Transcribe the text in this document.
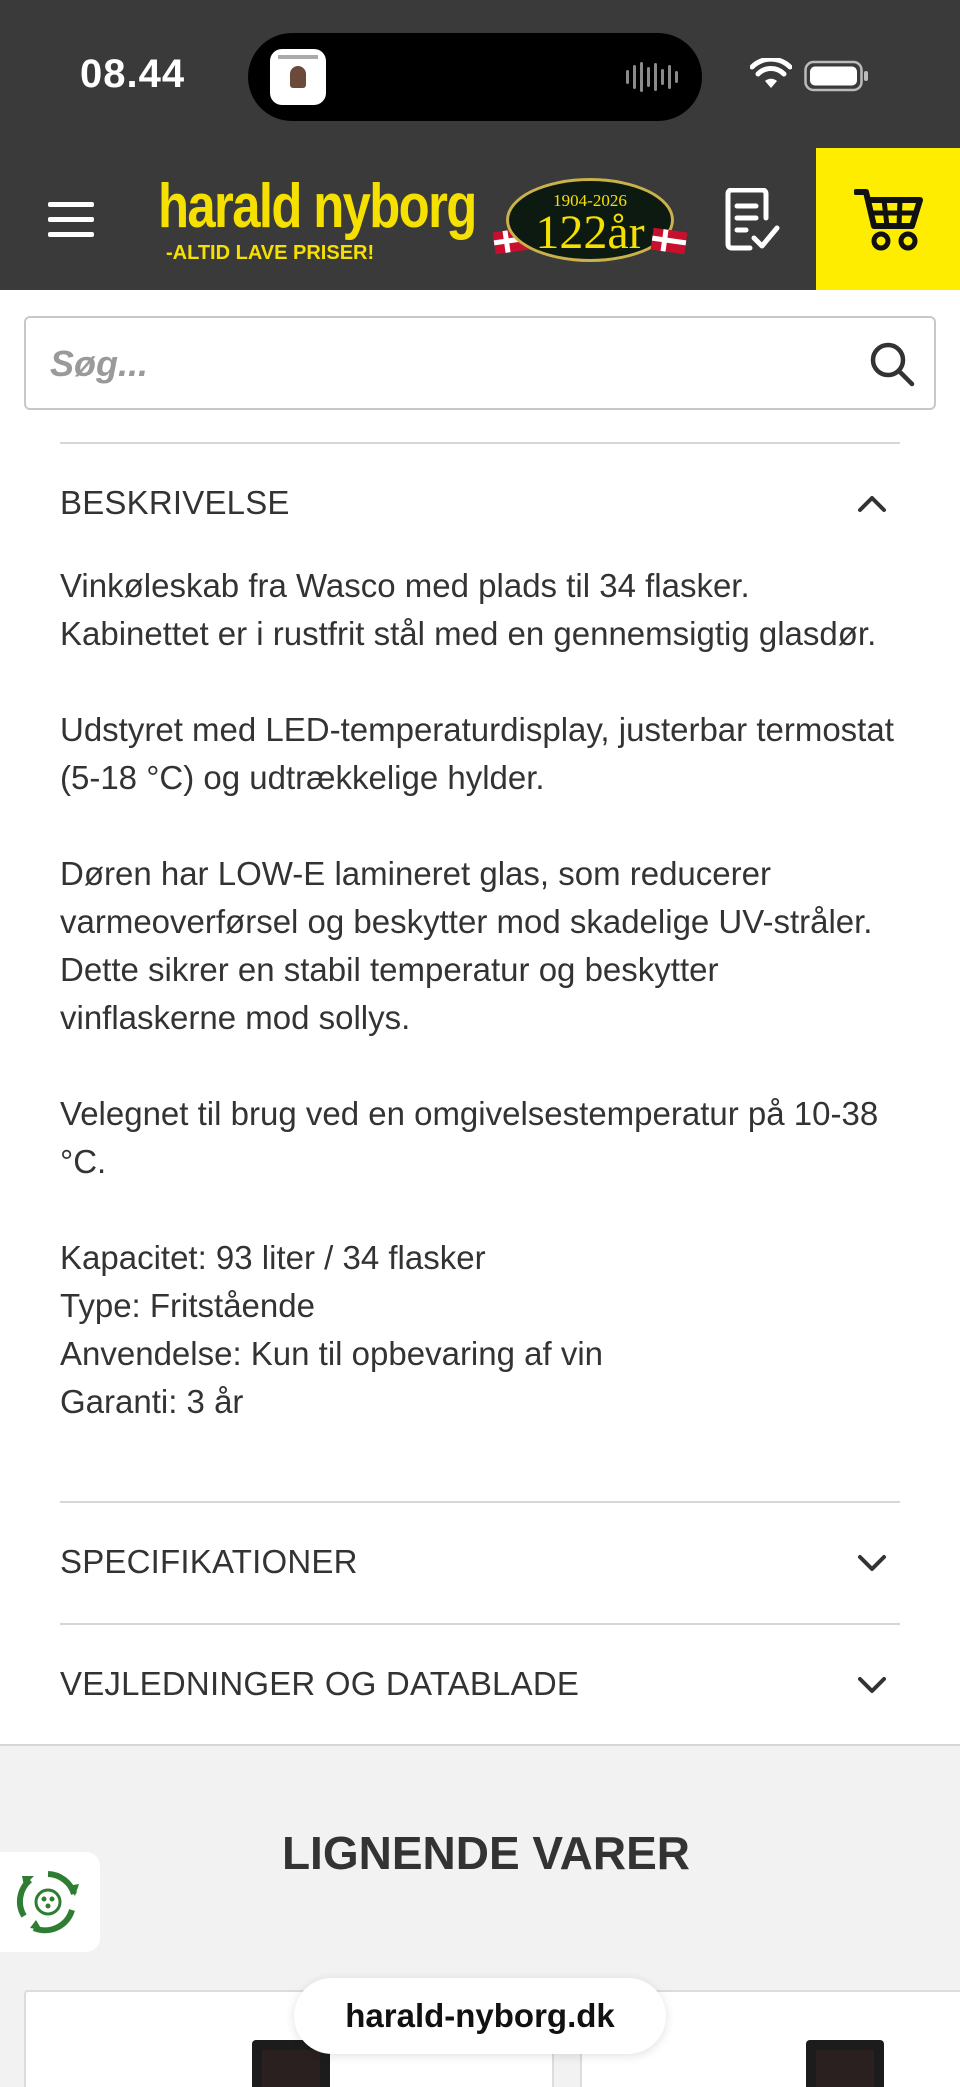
08.44
harald nyborg
-ALTID LAVE PRISER!
1904-2026
122år
Søg...
BESKRIVELSE

Vinkøleskab fra Wasco med plads til 34 flasker. Kabinettet er i rustfrit stål med en gennemsigtig glasdør.

Udstyret med LED-temperaturdisplay, justerbar termostat (5-18 °C) og udtrækkelige hylder.

Døren har LOW-E lamineret glas, som reducerer varmeoverførsel og beskytter mod skadelige UV-stråler. Dette sikrer en stabil temperatur og beskytter vinflaskerne mod sollys.

Velegnet til brug ved en omgivelsestemperatur på 10-38 °C.

Kapacitet: 93 liter / 34 flasker
Type: Fritstående
Anvendelse: Kun til opbevaring af vin
Garanti: 3 år

SPECIFIKATIONER
VEJLEDNINGER OG DATABLADE
LIGNENDE VARER
harald-nyborg.dk
